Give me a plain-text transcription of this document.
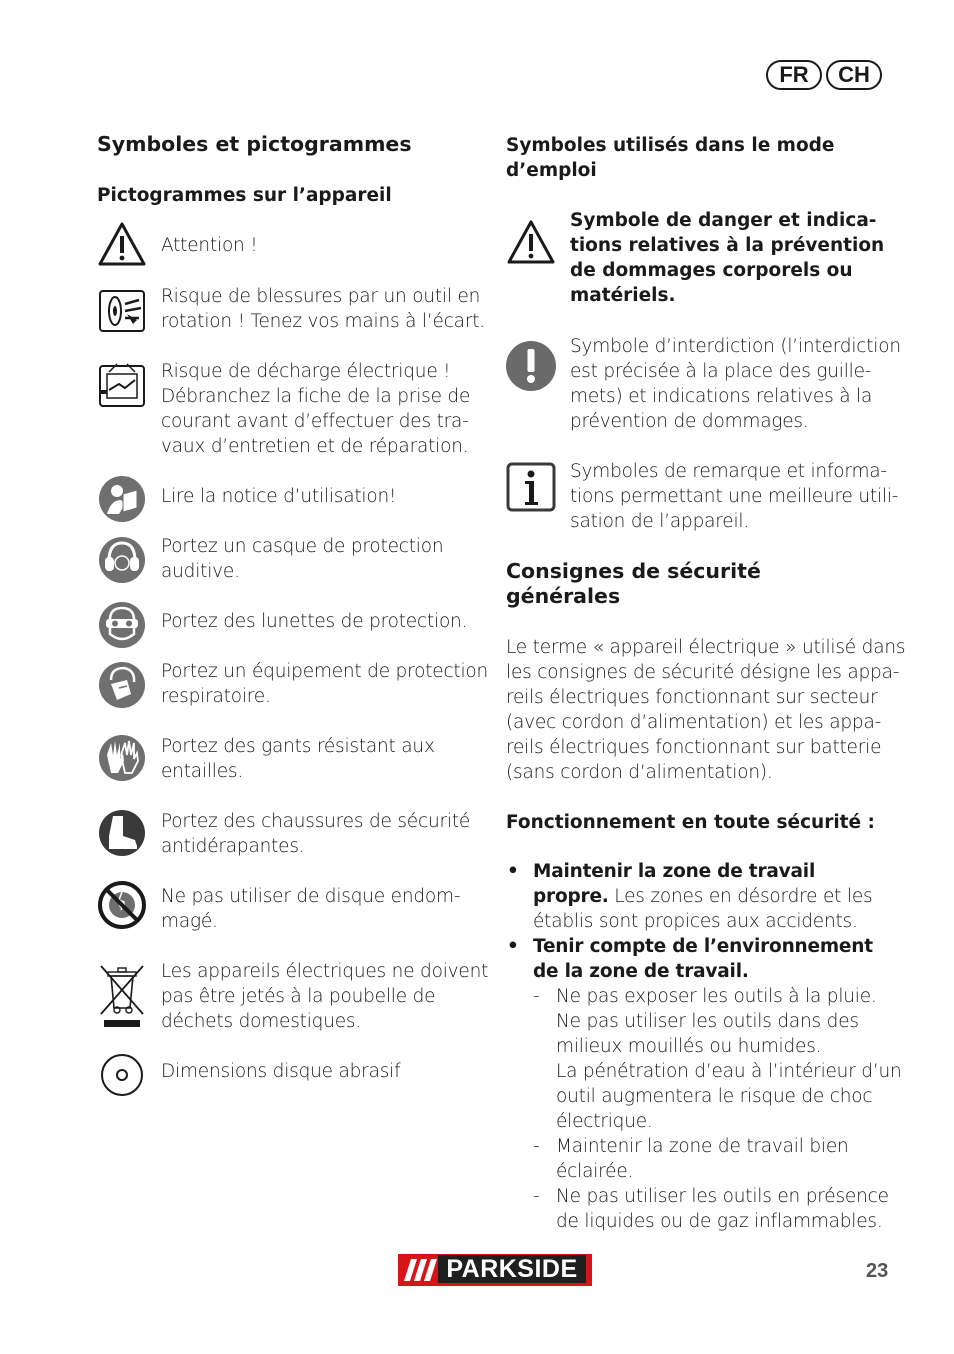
FR	CH
Symboles et pictogrammes
Pictogrammes sur l’appareil
Attention !
Risque de blessures par un outil en
rotation ! Tenez vos mains à l’écart.
Risque de décharge électrique !
Débranchez la fiche de la prise de
courant avant d’effectuer des tra-
vaux d’entretien et de réparation.
Lire la notice d’utilisation!
Portez un casque de protection
auditive.
Portez des lunettes de protection.
Portez un équipement de protection
respiratoire.
Portez des gants résistant aux
entailles.
Portez des chaussures de sécurité
antidérapantes.
Ne pas utiliser de disque endom-
magé.
Les appareils électriques ne doivent
pas être jetés à la poubelle de
déchets domestiques.
Dimensions disque abrasif
Symboles utilisés dans le mode
d’emploi
Symbole de danger et indica-
tions relatives à la prévention
de dommages corporels ou
matériels.
Symbole d’interdiction (l’interdiction
est précisée à la place des guille-
mets) et indications relatives à la
prévention de dommages.
Symboles de remarque et informa-
tions permettant une meilleure utili-
sation de l’appareil.
Consignes de sécurité
générales
Le terme « appareil électrique » utilisé dans
les consignes de sécurité désigne les appa-
reils électriques fonctionnant sur secteur
(avec cordon d’alimentation) et les appa-
reils électriques fonctionnant sur batterie
(sans cordon d’alimentation).
Fonctionnement en toute sécurité :
• Maintenir la zone de travail
propre. Les zones en désordre et les
établis sont propices aux accidents.
• Tenir compte de l’environnement
de la zone de travail.
- Ne pas exposer les outils à la pluie.
Ne pas utiliser les outils dans des
milieux mouillés ou humides.
La pénétration d’eau à l’intérieur d’un
outil augmentera le risque de choc
électrique.
- Maintenir la zone de travail bien
éclairée.
- Ne pas utiliser les outils en présence
de liquides ou de gaz inflammables.
PARKSIDE	23
